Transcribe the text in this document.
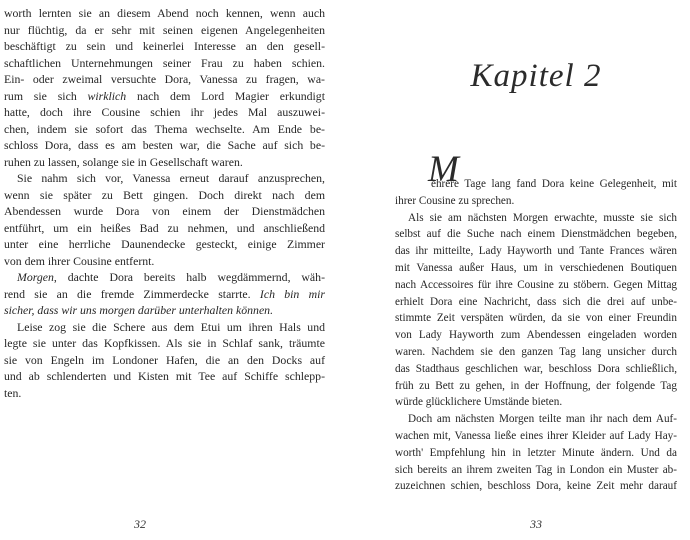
worth lernten sie an diesem Abend noch kennen, wenn auch
nur flüchtig, da er sehr mit seinen eigenen Angelegenheiten
beschäftigt zu sein und keinerlei Interesse an den gesell-
schaftlichen Unternehmungen seiner Frau zu haben schien.
Ein- oder zweimal versuchte Dora, Vanessa zu fragen, wa-
rum sie sich wirklich nach dem Lord Magier erkundigt
hatte, doch ihre Cousine schien ihr jedes Mal auszuwei-
chen, indem sie sofort das Thema wechselte. Am Ende be-
schloss Dora, dass es am besten war, die Sache auf sich be-
ruhen zu lassen, solange sie in Gesellschaft waren.
Sie nahm sich vor, Vanessa erneut darauf anzusprechen,
wenn sie später zu Bett gingen. Doch direkt nach dem
Abendessen wurde Dora von einem der Dienstmädchen
entführt, um ein heißes Bad zu nehmen, und anschließend
unter eine herrliche Daunendecke gesteckt, einige Zimmer
von dem ihrer Cousine entfernt.
Morgen, dachte Dora bereits halb wegdämmernd, wäh-
rend sie an die fremde Zimmerdecke starrte. Ich bin mir
sicher, dass wir uns morgen darüber unterhalten können.
Leise zog sie die Schere aus dem Etui um ihren Hals und
legte sie unter das Kopfkissen. Als sie in Schlaf sank, träumte
sie von Engeln im Londoner Hafen, die an den Docks auf
und ab schlenderten und Kisten mit Tee auf Schiffe schlepp-
ten.
32
Kapitel 2
M
ehrere Tage lang fand Dora keine Gelegenheit, mit
ihrer Cousine zu sprechen.
Als sie am nächsten Morgen erwachte, musste sie sich
selbst auf die Suche nach einem Dienstmädchen begeben,
das ihr mitteilte, Lady Hayworth und Tante Frances wären
mit Vanessa außer Haus, um in verschiedenen Boutiquen
nach Accessoires für ihre Cousine zu stöbern. Gegen Mittag
erhielt Dora eine Nachricht, dass sich die drei auf unbe-
stimmte Zeit verspäten würden, da sie von einer Freundin
von Lady Hayworth zum Abendessen eingeladen worden
waren. Nachdem sie den ganzen Tag lang unsicher durch
das Stadthaus geschlichen war, beschloss Dora schließlich,
früh zu Bett zu gehen, in der Hoffnung, der folgende Tag
würde glücklichere Umstände bieten.
Doch am nächsten Morgen teilte man ihr nach dem Auf-
wachen mit, Vanessa ließe eines ihrer Kleider auf Lady Hay-
worth' Empfehlung hin in letzter Minute ändern. Und da
sich bereits an ihrem zweiten Tag in London ein Muster ab-
zuzeichnen schien, beschloss Dora, keine Zeit mehr darauf
33
